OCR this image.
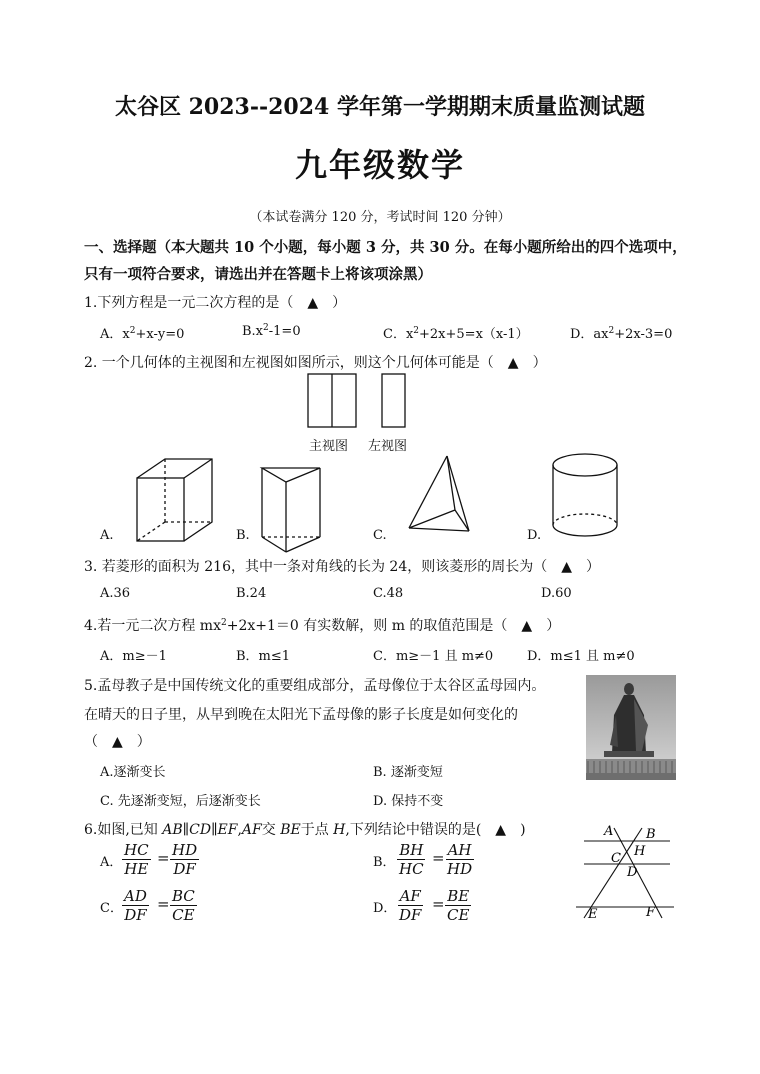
太谷区 2023--2024 学年第一学期期末质量监测试题
九年级数学
（本试卷满分 120 分，考试时间 120 分钟）
一、选择题（本大题共 10 个小题，每小题 3 分，共 30 分。在每小题所给出的四个选项中，
只有一项符合要求，请选出并在答题卡上将该项涂黑）
1.下列方程是一元二次方程的是（　▲　）
A．$x^2+x-y=0$	$B.x^2-1=0$	C．$x^2+2x+5=x(x-1)$	D．$ax^2+2x-3=0$
2. 一个几何体的主视图和左视图如图所示，则这个几何体可能是（　▲　）
主视图 左视图
A.	B.	C.	D.
3. 若菱形的面积为 216，其中一条对角线的长为 24，则该菱形的周长为（　▲　）
A.36	B.24	C.48	D.60
4.若一元二次方程 $mx^2+2x+1=0$ 有实数解，则 m 的取值范围是（　▲　）
A．m≥－1	B．m≤1	C．m≥－1 且 m≠0	D．m≤1 且 m≠0
5.孟母教子是中国传统文化的重要组成部分，孟母像位于太谷区孟母园内。
在晴天的日子里，从早到晚在太阳光下孟母像的影子长度是如何变化的
（　▲　）
A.逐渐变长	B. 逐渐变短
C. 先逐渐变短，后逐渐变长	D. 保持不变
6.如图,已知 AB∥CD∥EF,AF交 BE于点 H,下列结论中错误的是(　▲　)
A． $\frac{HC}{HE} = \frac{HD}{DF}$	B． $\frac{BH}{HC} = \frac{AH}{HD}$
C． $\frac{AD}{DF} = \frac{BC}{CE}$	D． $\frac{AF}{DF} = \frac{BE}{CE}$
A	B
C H
D
E	F
